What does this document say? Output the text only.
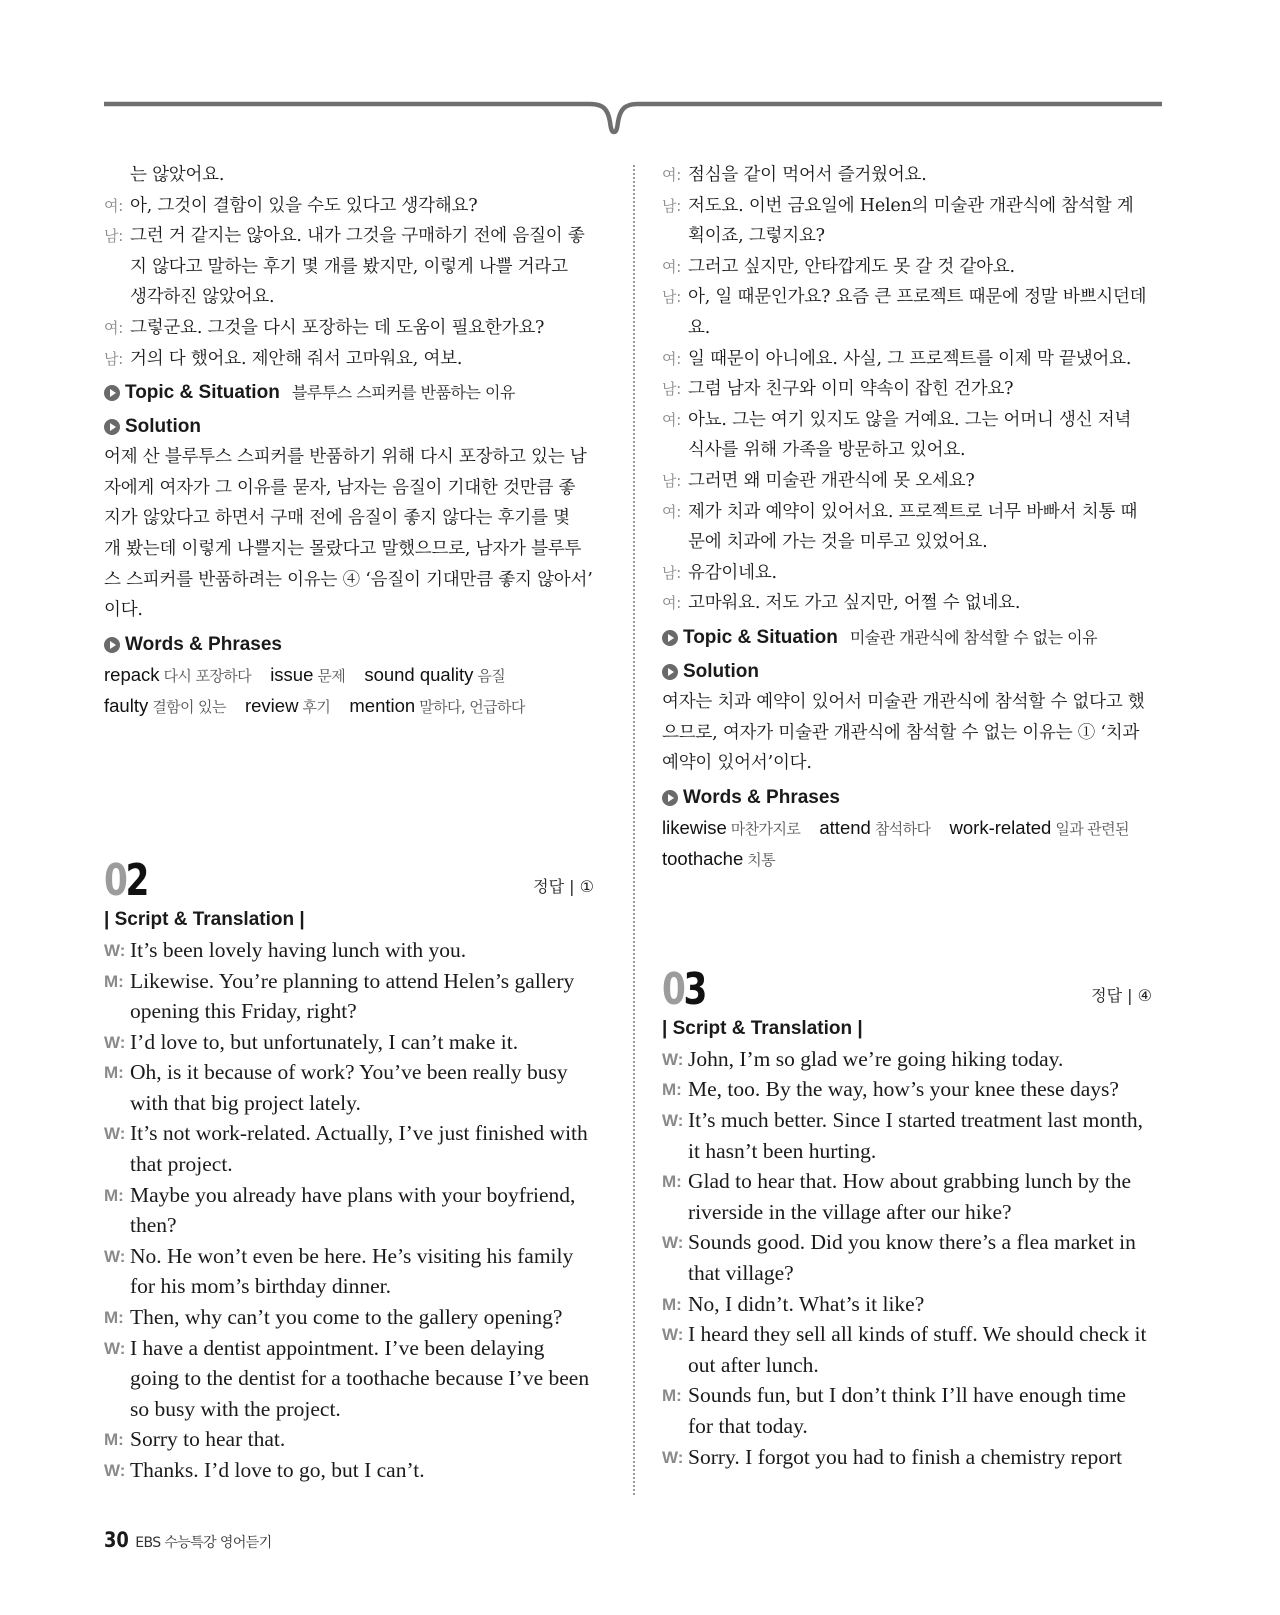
는 않았어요.
여: 아, 그것이 결함이 있을 수도 있다고 생각해요?
남: 그런 거 같지는 않아요. 내가 그것을 구매하기 전에 음질이 좋
지 않다고 말하는 후기 몇 개를 봤지만, 이렇게 나쁠 거라고
생각하진 않았어요.
여: 그렇군요. 그것을 다시 포장하는 데 도움이 필요한가요?
남: 거의 다 했어요. 제안해 줘서 고마워요, 여보.
Topic & Situation 블루투스 스피커를 반품하는 이유
Solution
어제 산 블루투스 스피커를 반품하기 위해 다시 포장하고 있는 남
자에게 여자가 그 이유를 묻자, 남자는 음질이 기대한 것만큼 좋
지가 않았다고 하면서 구매 전에 음질이 좋지 않다는 후기를 몇
개 봤는데 이렇게 나쁠지는 몰랐다고 말했으므로, 남자가 블루투
스 스피커를 반품하려는 이유는 ④ ‘음질이 기대만큼 좋지 않아서’
이다.
Words & Phrases
repack 다시 포장하다 issue 문제 sound quality 음질 faulty 결함이 있는 review 후기 mention 말하다, 언급하다
02	정답 | ①
| Script & Translation |
W: It’s been lovely having lunch with you.
M: Likewise. You’re planning to attend Helen’s gallery
opening this Friday, right?
W: I’d love to, but unfortunately, I can’t make it.
M: Oh, is it because of work? You’ve been really busy
with that big project lately.
W: It’s not work-related. Actually, I’ve just finished with
that project.
M: Maybe you already have plans with your boyfriend,
then?
W: No. He won’t even be here. He’s visiting his family
for his mom’s birthday dinner.
M: Then, why can’t you come to the gallery opening?
W: I have a dentist appointment. I’ve been delaying
going to the dentist for a toothache because I’ve been
so busy with the project.
M: Sorry to hear that.
W: Thanks. I’d love to go, but I can’t.
여: 점심을 같이 먹어서 즐거웠어요.
남: 저도요. 이번 금요일에 Helen의 미술관 개관식에 참석할 계
획이죠, 그렇지요?
여: 그러고 싶지만, 안타깝게도 못 갈 것 같아요.
남: 아, 일 때문인가요? 요즘 큰 프로젝트 때문에 정말 바쁘시던데
요.
여: 일 때문이 아니에요. 사실, 그 프로젝트를 이제 막 끝냈어요.
남: 그럼 남자 친구와 이미 약속이 잡힌 건가요?
여: 아뇨. 그는 여기 있지도 않을 거예요. 그는 어머니 생신 저녁
식사를 위해 가족을 방문하고 있어요.
남: 그러면 왜 미술관 개관식에 못 오세요?
여: 제가 치과 예약이 있어서요. 프로젝트로 너무 바빠서 치통 때
문에 치과에 가는 것을 미루고 있었어요.
남: 유감이네요.
여: 고마워요. 저도 가고 싶지만, 어쩔 수 없네요.
Topic & Situation 미술관 개관식에 참석할 수 없는 이유
Solution
여자는 치과 예약이 있어서 미술관 개관식에 참석할 수 없다고 했
으므로, 여자가 미술관 개관식에 참석할 수 없는 이유는 ① ‘치과
예약이 있어서’이다.
Words & Phrases
likewise 마찬가지로 attend 참석하다 work-related 일과 관련된 toothache 치통
03	정답 | ④
| Script & Translation |
W: John, I’m so glad we’re going hiking today.
M: Me, too. By the way, how’s your knee these days?
W: It’s much better. Since I started treatment last month,
it hasn’t been hurting.
M: Glad to hear that. How about grabbing lunch by the
riverside in the village after our hike?
W: Sounds good. Did you know there’s a flea market in
that village?
M: No, I didn’t. What’s it like?
W: I heard they sell all kinds of stuff. We should check it
out after lunch.
M: Sounds fun, but I don’t think I’ll have enough time
for that today.
W: Sorry. I forgot you had to finish a chemistry report
30 EBS 수능특강 영어듣기
